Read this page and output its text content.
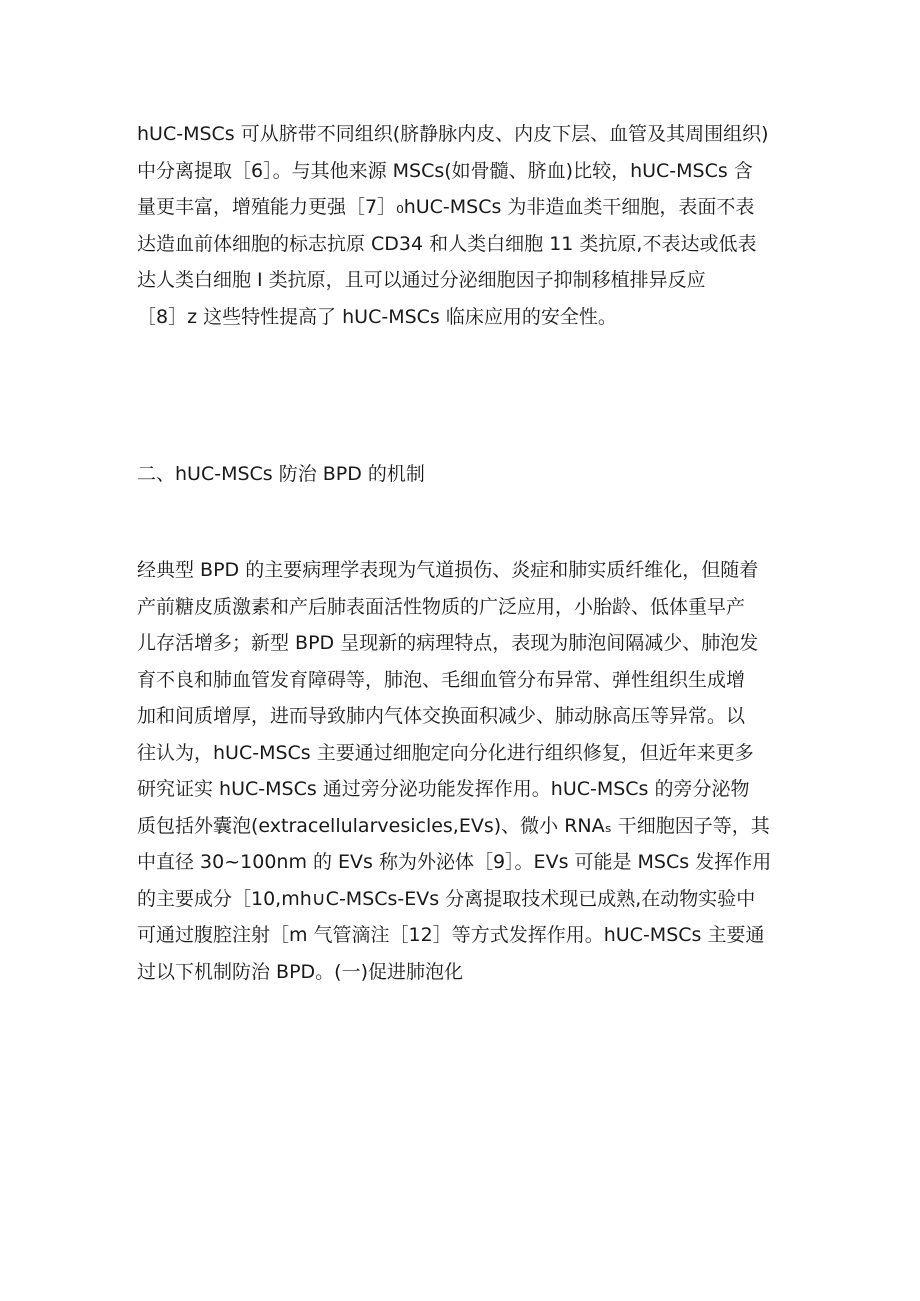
hUC-MSCs 可从脐带不同组织(脐静脉内皮、内皮下层、血管及其周围组织)
中分离提取［6］。与其他来源 MSCs(如骨髓、脐血)比较，hUC-MSCs 含
量更丰富，增殖能力更强［7］₀hUC-MSCs 为非造血类干细胞，表面不表
达造血前体细胞的标志抗原 CD34 和人类白细胞 11 类抗原,不表达或低表
达人类白细胞 I 类抗原，且可以通过分泌细胞因子抑制移植排异反应
［8］z 这些特性提高了 hUC-MSCs 临床应用的安全性。
二、hUC-MSCs 防治 BPD 的机制
经典型 BPD 的主要病理学表现为气道损伤、炎症和肺实质纤维化，但随着
产前糖皮质激素和产后肺表面活性物质的广泛应用，小胎龄、低体重早产
儿存活增多；新型 BPD 呈现新的病理特点，表现为肺泡间隔减少、肺泡发
育不良和肺血管发育障碍等，肺泡、毛细血管分布异常、弹性组织生成增
加和间质增厚，进而导致肺内气体交换面积减少、肺动脉高压等异常。以
往认为，hUC-MSCs 主要通过细胞定向分化进行组织修复，但近年来更多
研究证实 hUC-MSCs 通过旁分泌功能发挥作用。hUC-MSCs 的旁分泌物
质包括外囊泡(extracellularvesicles,EVs)、微小 RNAₛ 干细胞因子等，其
中直径 30~100nm 的 EVs 称为外泌体［9］。EVs 可能是 MSCs 发挥作用
的主要成分［10,mh∪C-MSCs-EVs 分离提取技术现已成熟,在动物实验中
可通过腹腔注射［m 气管滴注［12］等方式发挥作用。hUC-MSCs 主要通
过以下机制防治 BPD。(一)促进肺泡化
